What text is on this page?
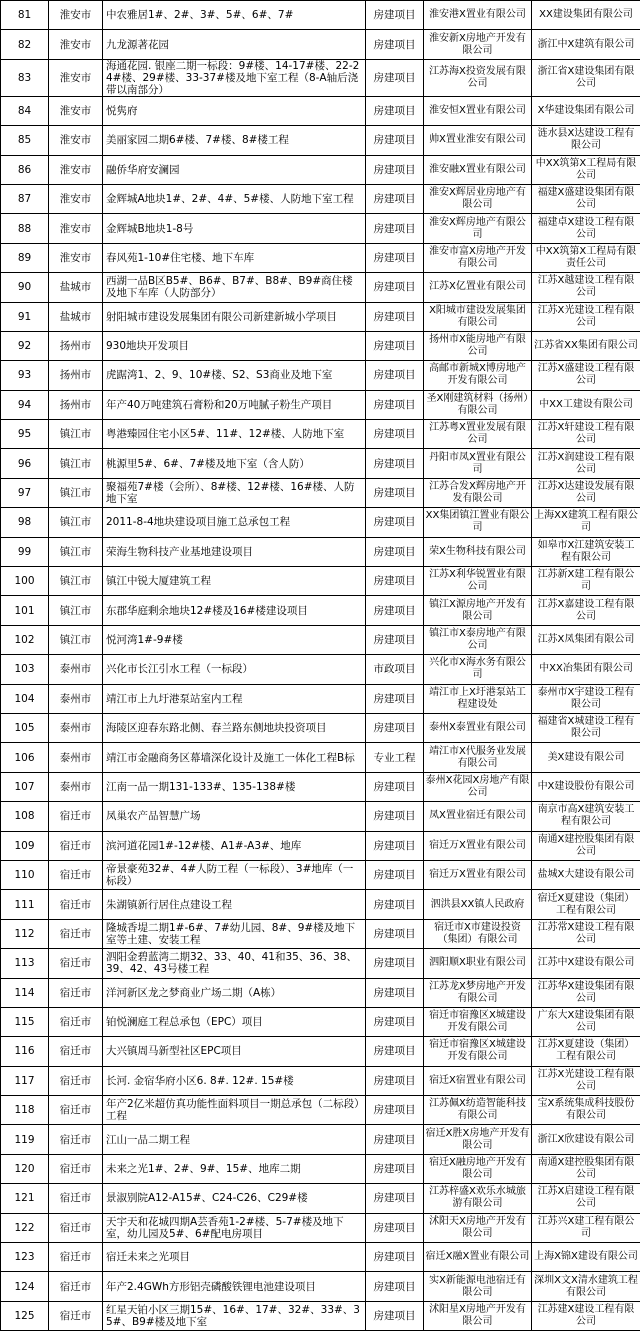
81	淮安市	中农雅居1#、2#、3#、5#、6#、7#	房建项目	淮安港X置业有限公司	XX建设集团有限公司
82	淮安市	九龙源著花园	房建项目	淮安新X房地产开发有限公司	浙江中X建筑有限公司
83	淮安市	海通花园. 银座二期一标段：9#楼、14-17#楼、22-24#楼、29#楼、33-37#楼及地下室工程（8-A轴后浇带以南部分）	房建项目	江苏海X投资发展有限公司	浙江省X建设集团有限公司
84	淮安市	悦隽府	房建项目	淮安恒X置业有限公司	X华建设集团有限公司
85	淮安市	美丽家园二期6#楼、7#楼、8#楼工程	房建项目	帅X置业淮安有限公司	涟水县X达建设工程有限公司
86	淮安市	融侨华府安澜园	房建项目	淮安融X置业有限公司	中XX筑第X工程局有限公司
87	淮安市	金辉城A地块1#、2#、4#、5#楼、人防地下室工程	房建项目	淮安X辉居业房地产有限公司	福建X盛建设集团有限公司
88	淮安市	金辉城B地块1-8号	房建项目	淮安X辉房地产有限公司	福建卓X建设工程有限公司
89	淮安市	春风苑1-10#住宅楼、地下车库	房建项目	淮安市富X房地产开发有限公司	中XX筑第X工程局有限责任公司
90	盐城市	西湖一品B区B5#、B6#、B7#、B8#、B9#商住楼及地下车库（人防部分）	房建项目	江苏X亿置业有限公司	江苏X越建设工程有限公司
91	盐城市	射阳城市建设发展集团有限公司新建新城小学项目	房建项目	X阳城市建设发展集团有限公司	江苏X光建设工程有限公司
92	扬州市	930地块开发项目	房建项目	扬州市X能房地产有限公司	江苏省XX集团有限公司
93	扬州市	虎踞湾1、2、9、10#楼、S2、S3商业及地下室	房建项目	高邮市新城X博房地产开发有限公司	江苏X盛建设工程有限公司
94	扬州市	年产40万吨建筑石膏粉和20万吨腻子粉生产项目	房建项目	圣X刚建筑材料（扬州）有限公司	中XX工建设有限公司
95	镇江市	粤港臻园住宅小区5#、11#、12#楼、人防地下室	房建项目	江苏粤X置业发展有限公司	江苏X轩建设工程有限公司
96	镇江市	桃源里5#、6#、7#楼及地下室（含人防）	房建项目	丹阳市凤X置业有限公司	江苏X润建设工程有限公司
97	镇江市	聚福苑7#楼（会所）、8#楼、12#楼、16#楼、人防地下室	房建项目	江苏合发X辉房地产开发有限公司	江苏X达建设发展有限公司
98	镇江市	2011-8-4地块建设项目施工总承包工程	房建项目	XX集团镇江置业有限公司	上海XX建筑工程有限公司
99	镇江市	荣海生物科技产业基地建设项目	房建项目	荣X生物科技有限公司	如皋市X江建筑安装工程有限公司
100	镇江市	镇江中锐大厦建筑工程	房建项目	江苏X利华锐置业有限公司	江苏新X建工程有限公司
101	镇江市	东郡华庭剩余地块12#楼及16#楼建设项目	房建项目	镇江X源房地产开发有限公司	江苏X嘉建设工程有限公司
102	镇江市	悦河湾1#-9#楼	房建项目	镇江市X泰房地产有限公司	江苏X凤集团有限公司
103	泰州市	兴化市长江引水工程（一标段）	市政项目	兴化市X海水务有限公司	中XX冶集团有限公司
104	泰州市	靖江市上九圩港泵站室内工程	房建项目	靖江市上X圩港泵站工程建设处	泰州市X宇建设工程有限公司
105	泰州市	海陵区迎春东路北侧、春兰路东侧地块投资项目	房建项目	泰州X泰置业有限公司	福建省X城建设工程有限公司
106	泰州市	靖江市金融商务区幕墙深化设计及施工一体化工程B标	专业工程	靖江市X代服务业发展有限公司	美X建设有限公司
107	泰州市	江南一品一期131-133#、135-138#楼	房建项目	泰州X花园X房地产有限公司	中X建设股份有限公司
108	宿迁市	凤巢农产品智慧广场	房建项目	凤X置业宿迁有限公司	南京市高X建筑安装工程有限公司
109	宿迁市	滨河道花园1#-12#楼、A1#-A3#、地库	房建项目	宿迁万X置业有限公司	南通X建控股集团有限公司
110	宿迁市	帝景豪苑32#、4#人防工程（一标段）、3#地库（一标段）	房建项目	宿迁万X置业有限公司	盐城X大建设有限公司
111	宿迁市	朱湖镇新行居住点建设工程	房建项目	泗洪县XX镇人民政府	宿迁X夏建设（集团）工程有限公司
112	宿迁市	隆城香堤二期1#-6#、7#幼儿园、8#、9#楼及地下室等土建、安装工程	房建项目	宿迁市X市建设投资（集团）有限公司	江苏常X建设工程有限公司
113	宿迁市	泗阳金碧蓝湾二期32、33、40、41和35、36、38、39、42、43号楼工程	房建项目	泗阳顺X职业有限公司	江苏中X建设有限公司
114	宿迁市	洋河新区龙之梦商业广场二期（A栋）	房建项目	江苏龙X梦房地产开发有限公司	江苏华X建设集团有限公司
115	宿迁市	铂悦澜庭工程总承包（EPC）项目	房建项目	宿迁市宿豫区X城建设开发有限公司	广东大X建设集团有限公司
116	宿迁市	大兴镇周马新型社区EPC项目	房建项目	宿迁市宿豫区X城建设开发有限公司	江苏X夏建设（集团）工程有限公司
117	宿迁市	长河. 金宿华府小区6. 8#. 12#. 15#楼	房建项目	宿迁X宿置业有限公司	江苏X光建设工程有限公司
118	宿迁市	年产2亿米超仿真功能性面料项目一期总承包（二标段）工程	房建项目	江苏佩X纺造智能科技有限公司	宝X系统集成科技股份有限公司
119	宿迁市	江山一品二期工程	房建项目	宿迁X胜X房地产开发有限公司	浙江X欣建设有限公司
120	宿迁市	未来之光1#、2#、9#、15#、地库二期	房建项目	宿迁X融房地产开发有限公司	南通X建控股集团有限公司
121	宿迁市	景淑别院A12-A15#、C24-C26、C29#楼	房建项目	江苏梓盛X欢乐水城旅游有限公司	江苏X启建设工程有限公司
122	宿迁市	天宇天和花城四期A芸香苑1-2#楼、5-7#楼及地下室，幼儿园及5#、6#配电房项目	房建项目	沭阳天X房地产开发有限公司	江苏兴X建工程有限公司
123	宿迁市	宿迁未来之光项目	房建项目	宿迁X融X置业有限公司	上海X锦X建设有限公司
124	宿迁市	年产2.4GWh方形铝壳磷酸铁锂电池建设项目	房建项目	实X新能源电池宿迁有限公司	深圳X文X清水建筑工程有限公司
125	宿迁市	红星天铂小区三期15#、16#、17#、32#、33#、35#、B9#楼及地下室	房建项目	沭阳星X房地产开发有限公司	江苏建X建设工程有限公司
